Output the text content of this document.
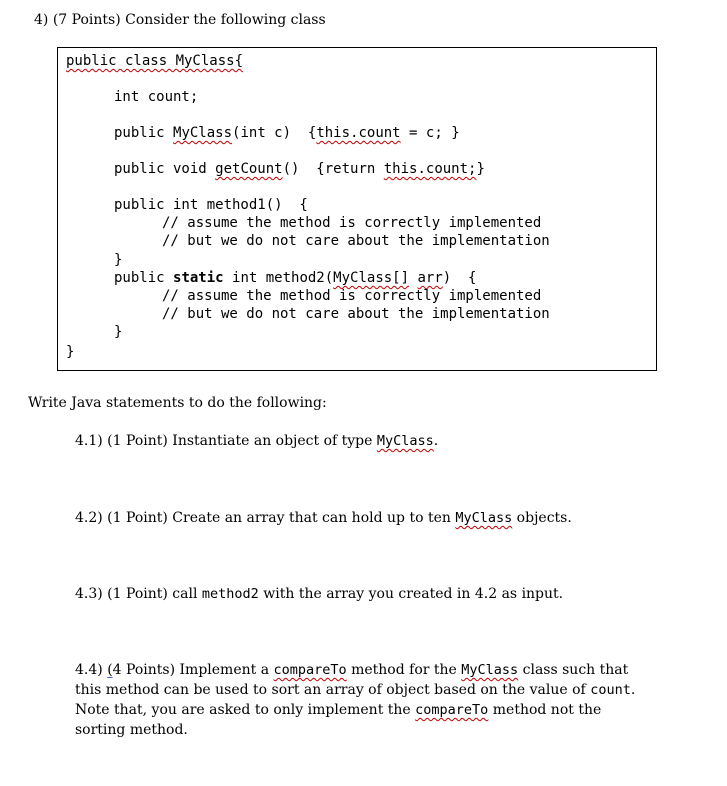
4) (7 Points) Consider the following class
public class MyClass{
int count;
public MyClass(int c)  {this.count = c; }
public void getCount()  {return this.count;}
public int method1()  {
// assume the method is correctly implemented
// but we do not care about the implementation
}
public static int method2(MyClass[] arr)  {
// assume the method is correctly implemented
// but we do not care about the implementation
}
}
Write Java statements to do the following:
4.1) (1 Point) Instantiate an object of type MyClass.
4.2) (1 Point) Create an array that can hold up to ten MyClass objects.
4.3) (1 Point) call method2 with the array you created in 4.2 as input.
4.4) (4 Points) Implement a compareTo method for the MyClass class such that this method can be used to sort an array of object based on the value of count. Note that, you are asked to only implement the compareTo method not the sorting method.
